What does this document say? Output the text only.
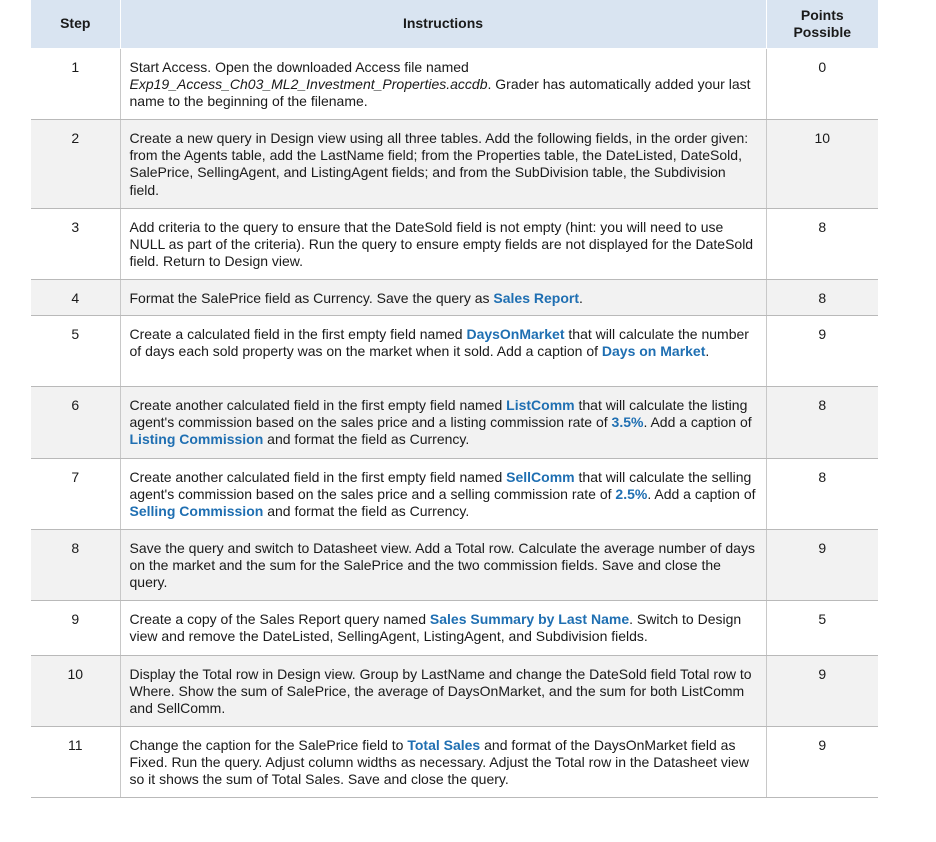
Step	Instructions	Points Possible
1	Start Access. Open the downloaded Access file named Exp19_Access_Ch03_ML2_Investment_Properties.accdb. Grader has automatically added your last name to the beginning of the filename.	0
2	Create a new query in Design view using all three tables. Add the following fields, in the order given: from the Agents table, add the LastName field; from the Properties table, the DateListed, DateSold, SalePrice, SellingAgent, and ListingAgent fields; and from the SubDivision table, the Subdivision field.	10
3	Add criteria to the query to ensure that the DateSold field is not empty (hint: you will need to use NULL as part of the criteria). Run the query to ensure empty fields are not displayed for the DateSold field. Return to Design view.	8
4	Format the SalePrice field as Currency. Save the query as Sales Report.	8
5	Create a calculated field in the first empty field named DaysOnMarket that will calculate the number of days each sold property was on the market when it sold. Add a caption of Days on Market.	9
6	Create another calculated field in the first empty field named ListComm that will calculate the listing agent's commission based on the sales price and a listing commission rate of 3.5%. Add a caption of Listing Commission and format the field as Currency.	8
7	Create another calculated field in the first empty field named SellComm that will calculate the selling agent's commission based on the sales price and a selling commission rate of 2.5%. Add a caption of Selling Commission and format the field as Currency.	8
8	Save the query and switch to Datasheet view. Add a Total row. Calculate the average number of days on the market and the sum for the SalePrice and the two commission fields. Save and close the query.	9
9	Create a copy of the Sales Report query named Sales Summary by Last Name. Switch to Design view and remove the DateListed, SellingAgent, ListingAgent, and Subdivision fields.	5
10	Display the Total row in Design view. Group by LastName and change the DateSold field Total row to Where. Show the sum of SalePrice, the average of DaysOnMarket, and the sum for both ListComm and SellComm.	9
11	Change the caption for the SalePrice field to Total Sales and format of the DaysOnMarket field as Fixed. Run the query. Adjust column widths as necessary. Adjust the Total row in the Datasheet view so it shows the sum of Total Sales. Save and close the query.	9
